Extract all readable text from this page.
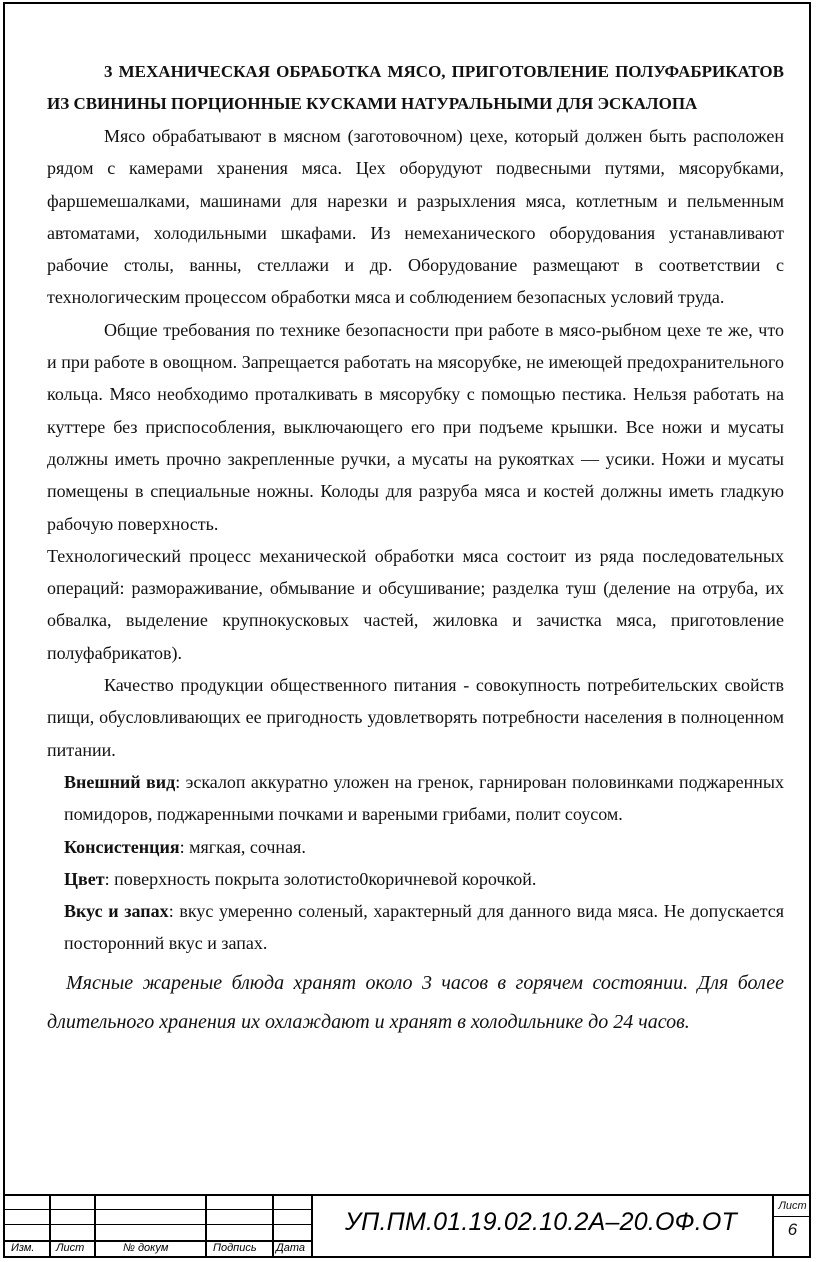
3 МЕХАНИЧЕСКАЯ ОБРАБОТКА МЯСО, ПРИГОТОВЛЕНИЕ ПОЛУФАБРИКАТОВ ИЗ СВИНИНЫ ПОРЦИОННЫЕ КУСКАМИ НАТУРАЛЬНЫМИ ДЛЯ ЭСКАЛОПА

Мясо обрабатывают в мясном (заготовочном) цехе, который должен быть расположен рядом с камерами хранения мяса. Цех оборудуют подвесными путями, мясорубками, фаршемешалками, машинами для нарезки и разрыхления мяса, котлетным и пельменным автоматами, холодильными шкафами. Из немеханического оборудования устанавливают рабочие столы, ванны, стеллажи и др. Оборудование размещают в соответствии с технологическим процессом обработки мяса и соблюдением безопасных условий труда.

Общие требования по технике безопасности при работе в мясо-рыбном цехе те же, что и при работе в овощном. Запрещается работать на мясорубке, не имеющей предохранительного кольца. Мясо необходимо проталкивать в мясорубку с помощью пестика. Нельзя работать на куттере без приспособления, выключающего его при подъеме крышки. Все ножи и мусаты должны иметь прочно закрепленные ручки, а мусаты на рукоятках — усики. Ножи и мусаты помещены в специальные ножны. Колоды для разруба мяса и костей должны иметь гладкую рабочую поверхность.

Технологический процесс механической обработки мяса состоит из ряда последовательных операций: размораживание, обмывание и обсушивание; разделка туш (деление на отруба, их обвалка, выделение крупнокусковых частей, жиловка и зачистка мяса, приготовление полуфабрикатов).

Качество продукции общественного питания - совокупность потребительских свойств пищи, обусловливающих ее пригодность удовлетворять потребности населения в полноценном питании.

Внешний вид: эскалоп аккуратно уложен на гренок, гарнирован половинками поджаренных помидоров, поджаренными почками и вареными грибами, полит соусом.

Консистенция: мягкая, сочная.

Цвет: поверхность покрыта золотисто0коричневой корочкой.

Вкус и запах: вкус умеренно соленый, характерный для данного вида мяса. Не допускается посторонний вкус и запах.

Мясные жареные блюда хранят около 3 часов в горячем состоянии. Для более длительного хранения их охлаждают и хранят в холодильнике до 24 часов.

Изм. Лист	№ докум	Подпись Дата
УП.ПМ.01.19.02.10.2А–20.ОФ.ОТ
Лист
6
